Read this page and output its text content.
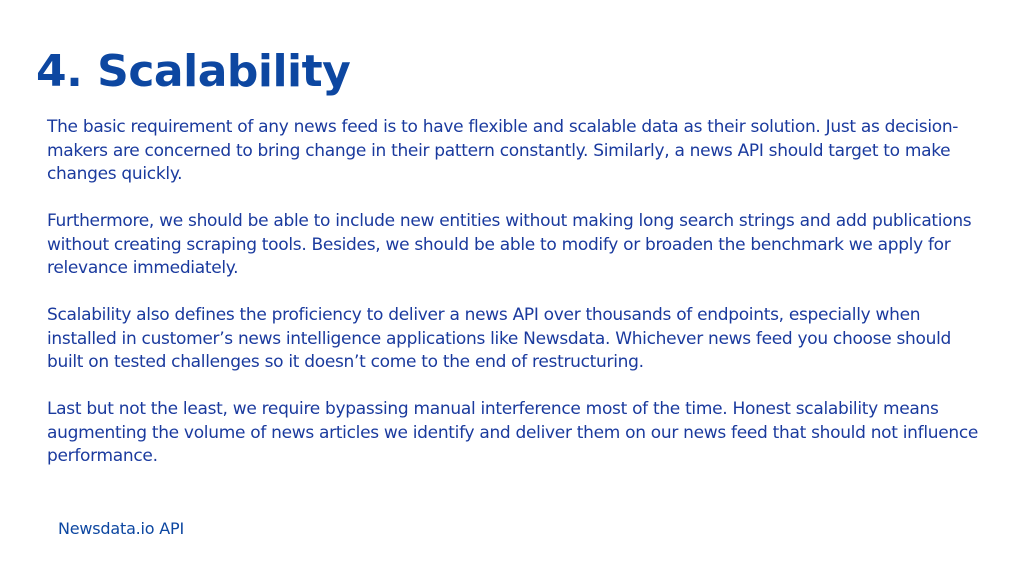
4. Scalability

The basic requirement of any news feed is to have flexible and scalable data as their solution. Just as decision-makers are concerned to bring change in their pattern constantly. Similarly, a news API should target to make changes quickly.

Furthermore, we should be able to include new entities without making long search strings and add publications without creating scraping tools. Besides, we should be able to modify or broaden the benchmark we apply for relevance immediately.

Scalability also defines the proficiency to deliver a news API over thousands of endpoints, especially when installed in customer’s news intelligence applications like Newsdata. Whichever news feed you choose should built on tested challenges so it doesn’t come to the end of restructuring.

Last but not the least, we require bypassing manual interference most of the time. Honest scalability means augmenting the volume of news articles we identify and deliver them on our news feed that should not influence performance.

Newsdata.io API
